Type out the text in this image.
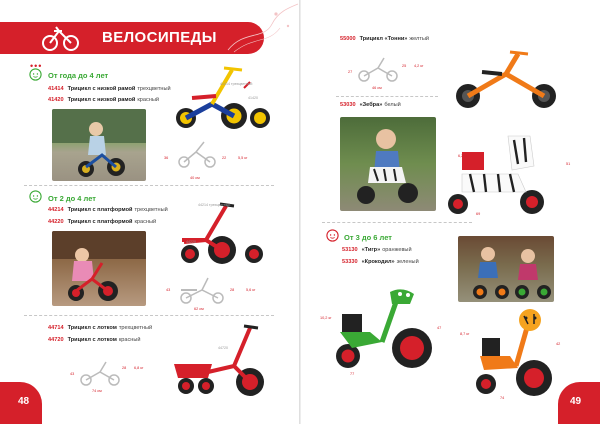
ВЕЛОСИПЕДЫ
•••
От года до 4 лет
41414 Трицикл с низкой рамой трехцветный
41420 Трицикл с низкой рамой красный	41420
41414 трехцветный
36
40 см
22	5,5 кг
От 2 до 4 лет
44214 Трицикл с платформой трехцветный
44220 Трицикл с платформой красный
44220
44214 трехцветный
43
62 см
28	5,6 кг
44714 Трицикл с лотком трехцветный
44720 Трицикл с лотком красный
43
74 см
28 6,8 кг
44720
48
55000 Трицикл «Тонни» желтый
27
46 см
25 4,2 кг
53030 «Зебра» белый
51
69
6,2 кг
От 3 до 6 лет
53130 «Тигр» оранжевый
53330 «Крокодил» зеленый
47
77
10,2 кг
42
74
8,7 кг
49
